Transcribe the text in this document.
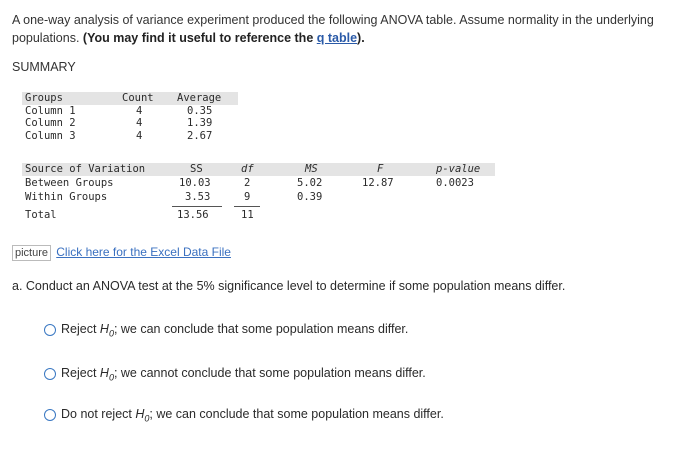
A one-way analysis of variance experiment produced the following ANOVA table. Assume normality in the underlying populations. (You may find it useful to reference the q table).
SUMMARY
Groups	Count Average
Column 1	4	0.35
Column 2	4	1.39
Column 3	4	2.67
Source of Variation	SS	df	MS	F	p-value
Between Groups	10.03	2	5.02	12.87	0.0023
Within Groups	3.53	9	0.39
Total	13.56	11
picture Click here for the Excel Data File
a. Conduct an ANOVA test at the 5% significance level to determine if some population means differ.
Reject $H_0$; we can conclude that some population means differ.
Reject $H_0$; we cannot conclude that some population means differ.
Do not reject $H_0$; we can conclude that some population means differ.
